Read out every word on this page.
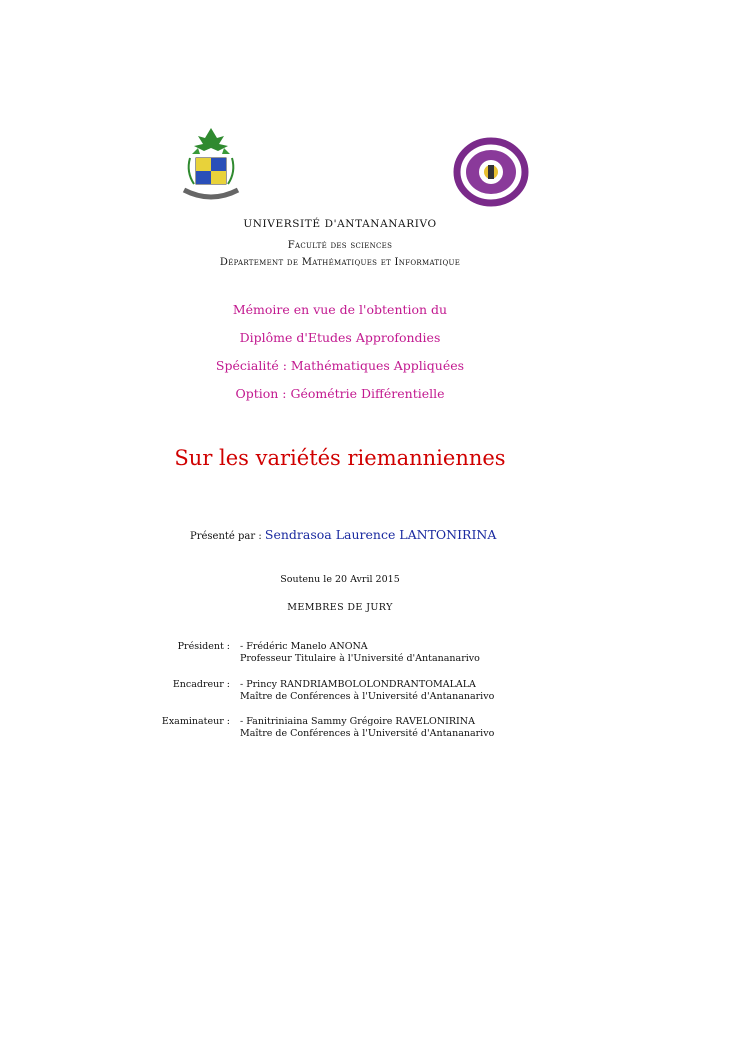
UNIVERSITÉ D'ANTANANARIVO
Faculté des sciences
Département de Mathématiques et Informatique
Mémoire en vue de l'obtention du
Diplôme d'Etudes Approfondies
Spécialité : Mathématiques Appliquées
Option : Géométrie Différentielle
Sur les variétés riemanniennes
Présenté par : Sendrasoa Laurence LANTONIRINA
Soutenu le 20 Avril 2015
MEMBRES DE JURY
Président : - Frédéric Manelo ANONA
Professeur Titulaire à l'Université d'Antananarivo
Encadreur : - Princy RANDRIAMBOLOLONDRANTOMALALA
Maître de Conférences à l'Université d'Antananarivo
Examinateur : - Fanitriniaina Sammy Grégoire RAVELONIRINA
Maître de Conférences à l'Université d'Antananarivo
